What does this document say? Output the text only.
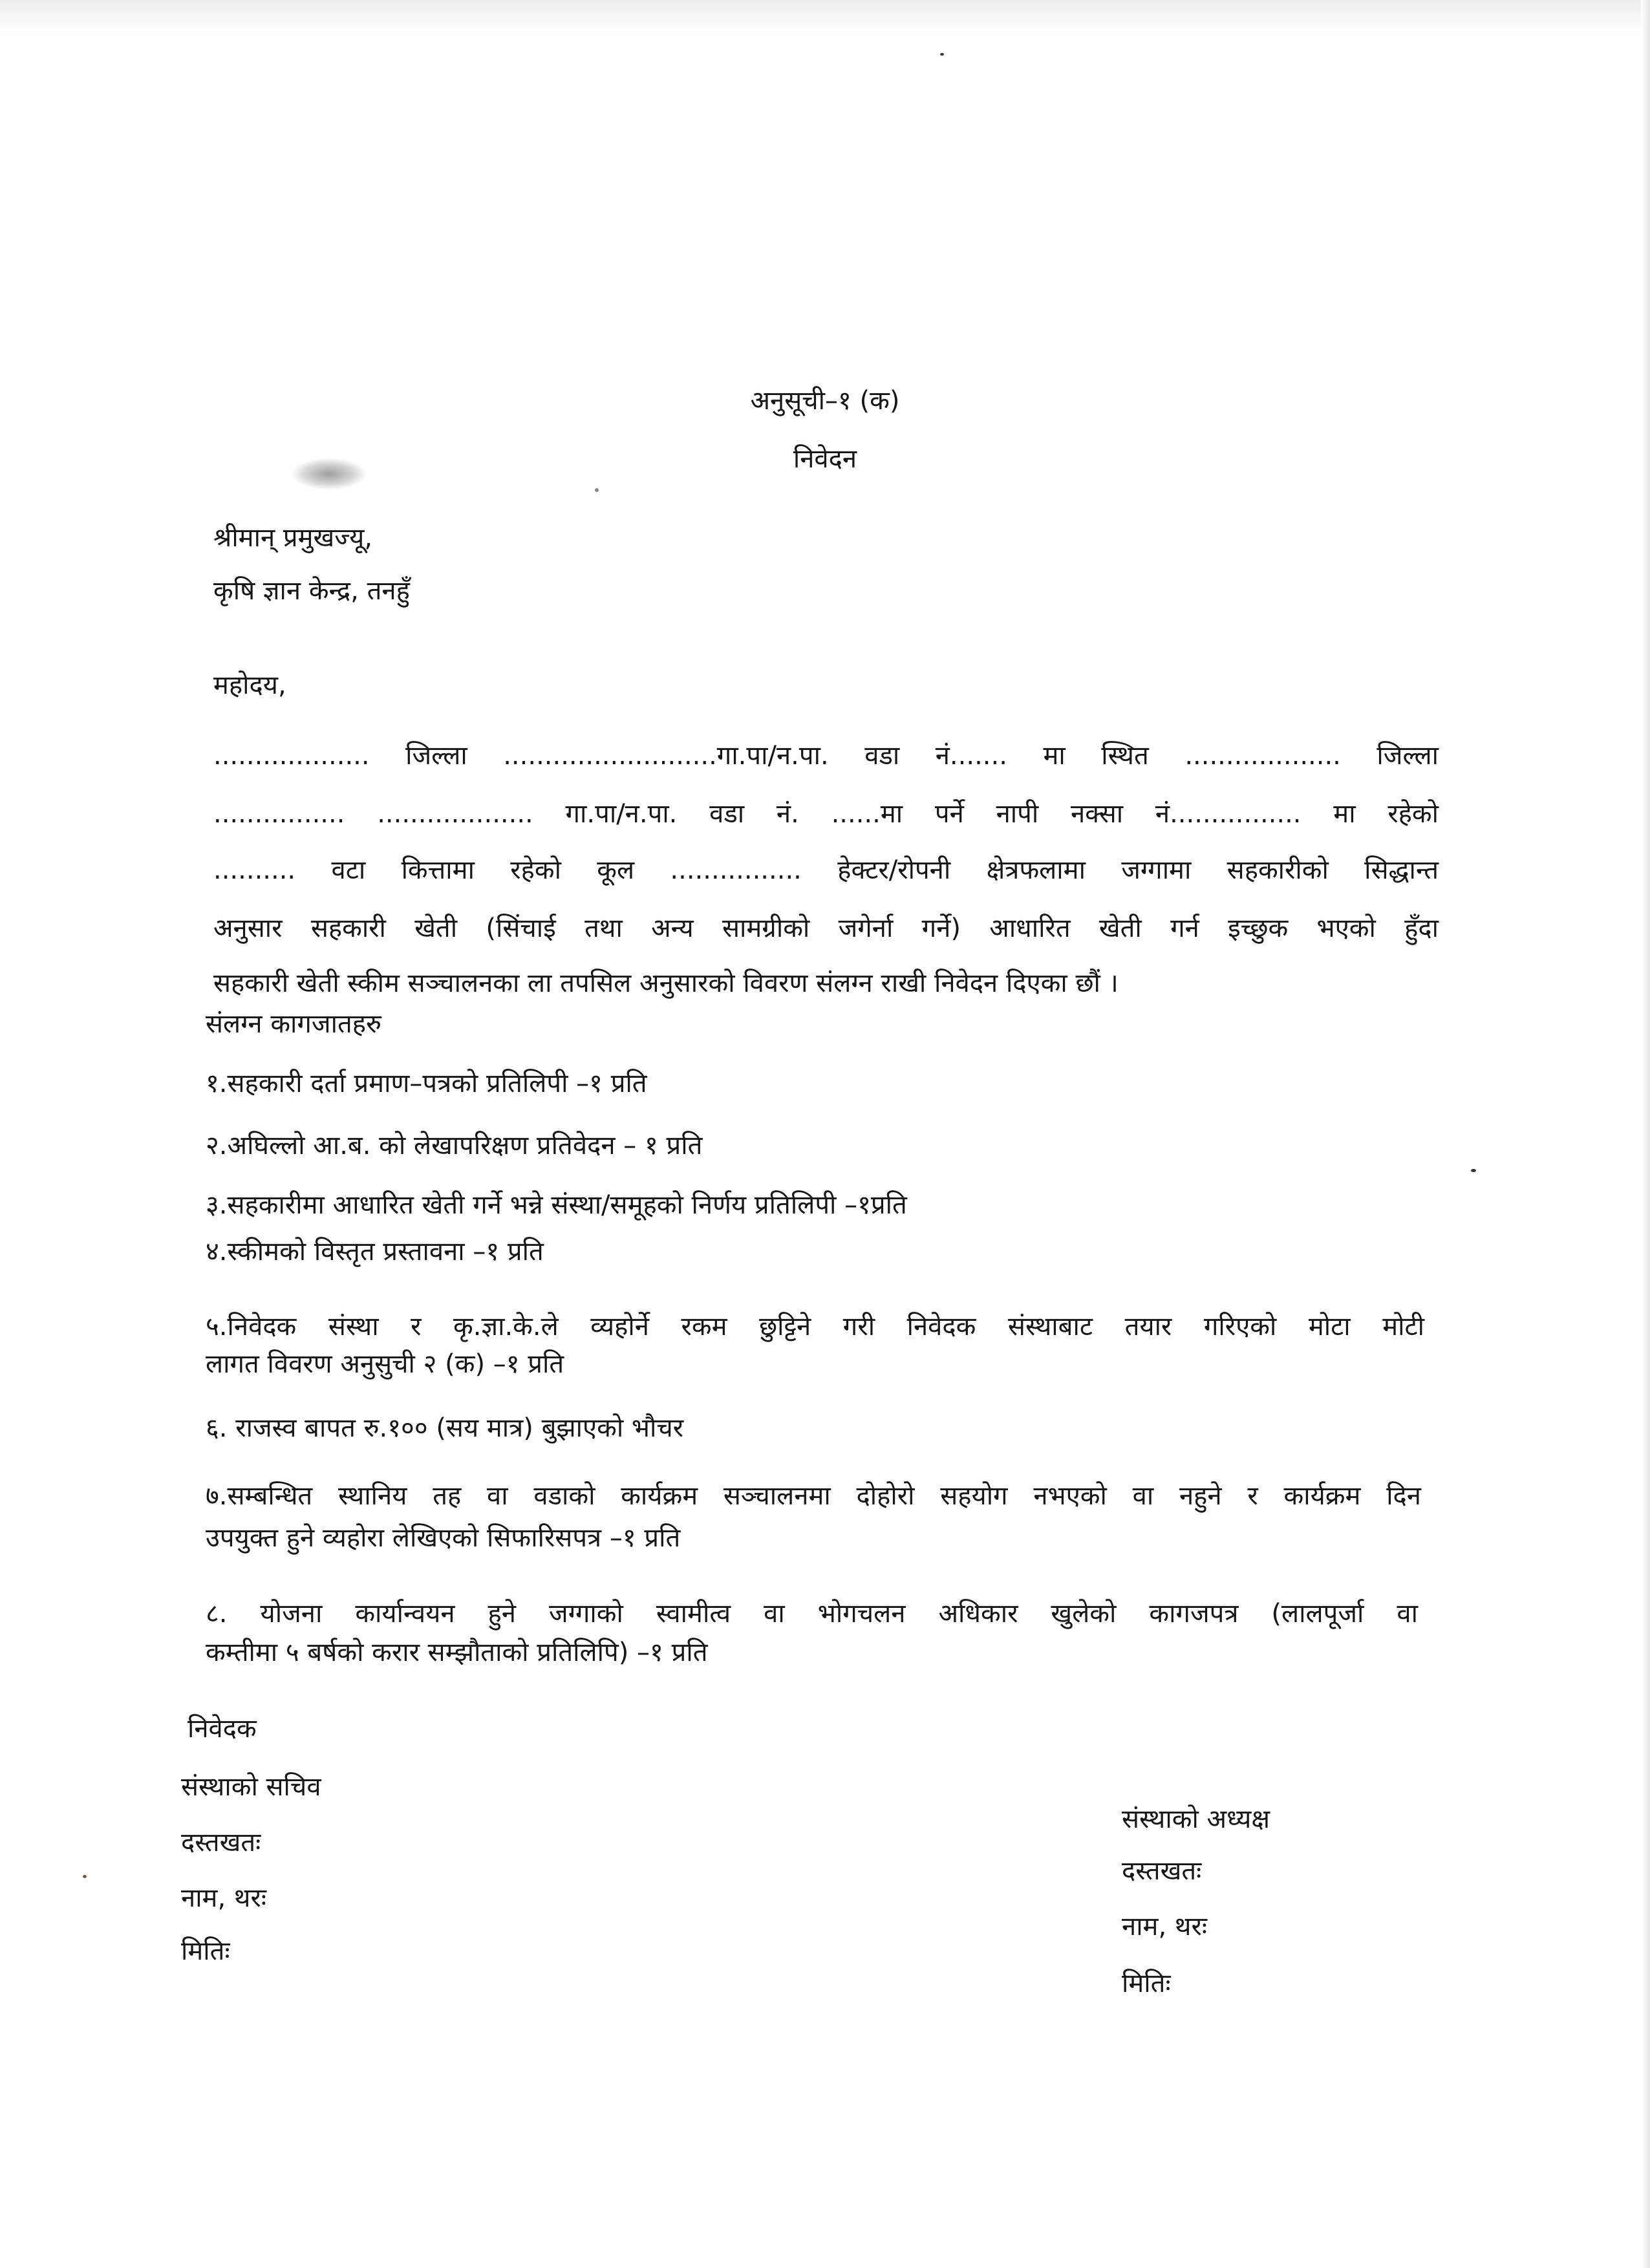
अनुसूची–१ (क)
निवेदन
श्रीमान् प्रमुखज्यू,
कृषि ज्ञान केन्द्र, तनहुँ
महोदय,
................... जिल्ला ..........................गा.पा/न.पा. वडा नं....... मा स्थित ................... जिल्ला
................ ................... गा.पा/न.पा. वडा नं. ......मा पर्ने नापी नक्सा नं................ मा रहेको
.......... वटा कित्तामा रहेको कूल ................ हेक्टर/रोपनी क्षेत्रफलामा जग्गामा सहकारीको सिद्धान्त
अनुसार सहकारी खेती (सिंचाई तथा अन्य सामग्रीको जगेर्ना गर्ने) आधारित खेती गर्न इच्छुक भएको हुँदा
सहकारी खेती स्कीम सञ्चालनका ला तपसिल अनुसारको विवरण संलग्न राखी निवेदन दिएका छौं ।
संलग्न कागजातहरु
१.सहकारी दर्ता प्रमाण–पत्रको प्रतिलिपी –१ प्रति
२.अघिल्लो आ.ब. को लेखापरिक्षण प्रतिवेदन – १ प्रति
३.सहकारीमा आधारित खेती गर्ने भन्ने संस्था/समूहको निर्णय प्रतिलिपी –१प्रति
४.स्कीमको विस्तृत प्रस्तावना –१ प्रति
५.निवेदक संस्था र कृ.ज्ञा.के.ले व्यहोर्ने रकम छुट्टिने गरी निवेदक संस्थाबाट तयार गरिएको मोटा मोटी
लागत विवरण अनुसुची २ (क) –१ प्रति
६. राजस्व बापत रु.१०० (सय मात्र) बुझाएको भौचर
७.सम्बन्धित स्थानिय तह वा वडाको कार्यक्रम सञ्चालनमा दोहोरो सहयोग नभएको वा नहुने र कार्यक्रम दिन
उपयुक्त हुने व्यहोरा लेखिएको सिफारिसपत्र –१ प्रति
८. योजना कार्यान्वयन हुने जग्गाको स्वामीत्व वा भोगचलन अधिकार खुलेको कागजपत्र (लालपूर्जा वा
कम्तीमा ५ बर्षको करार सम्झौताको प्रतिलिपि) –१ प्रति
निवेदक
संस्थाको सचिव
दस्तखतः
नाम, थरः
मितिः
संस्थाको अध्यक्ष
दस्तखतः
नाम, थरः
मितिः
